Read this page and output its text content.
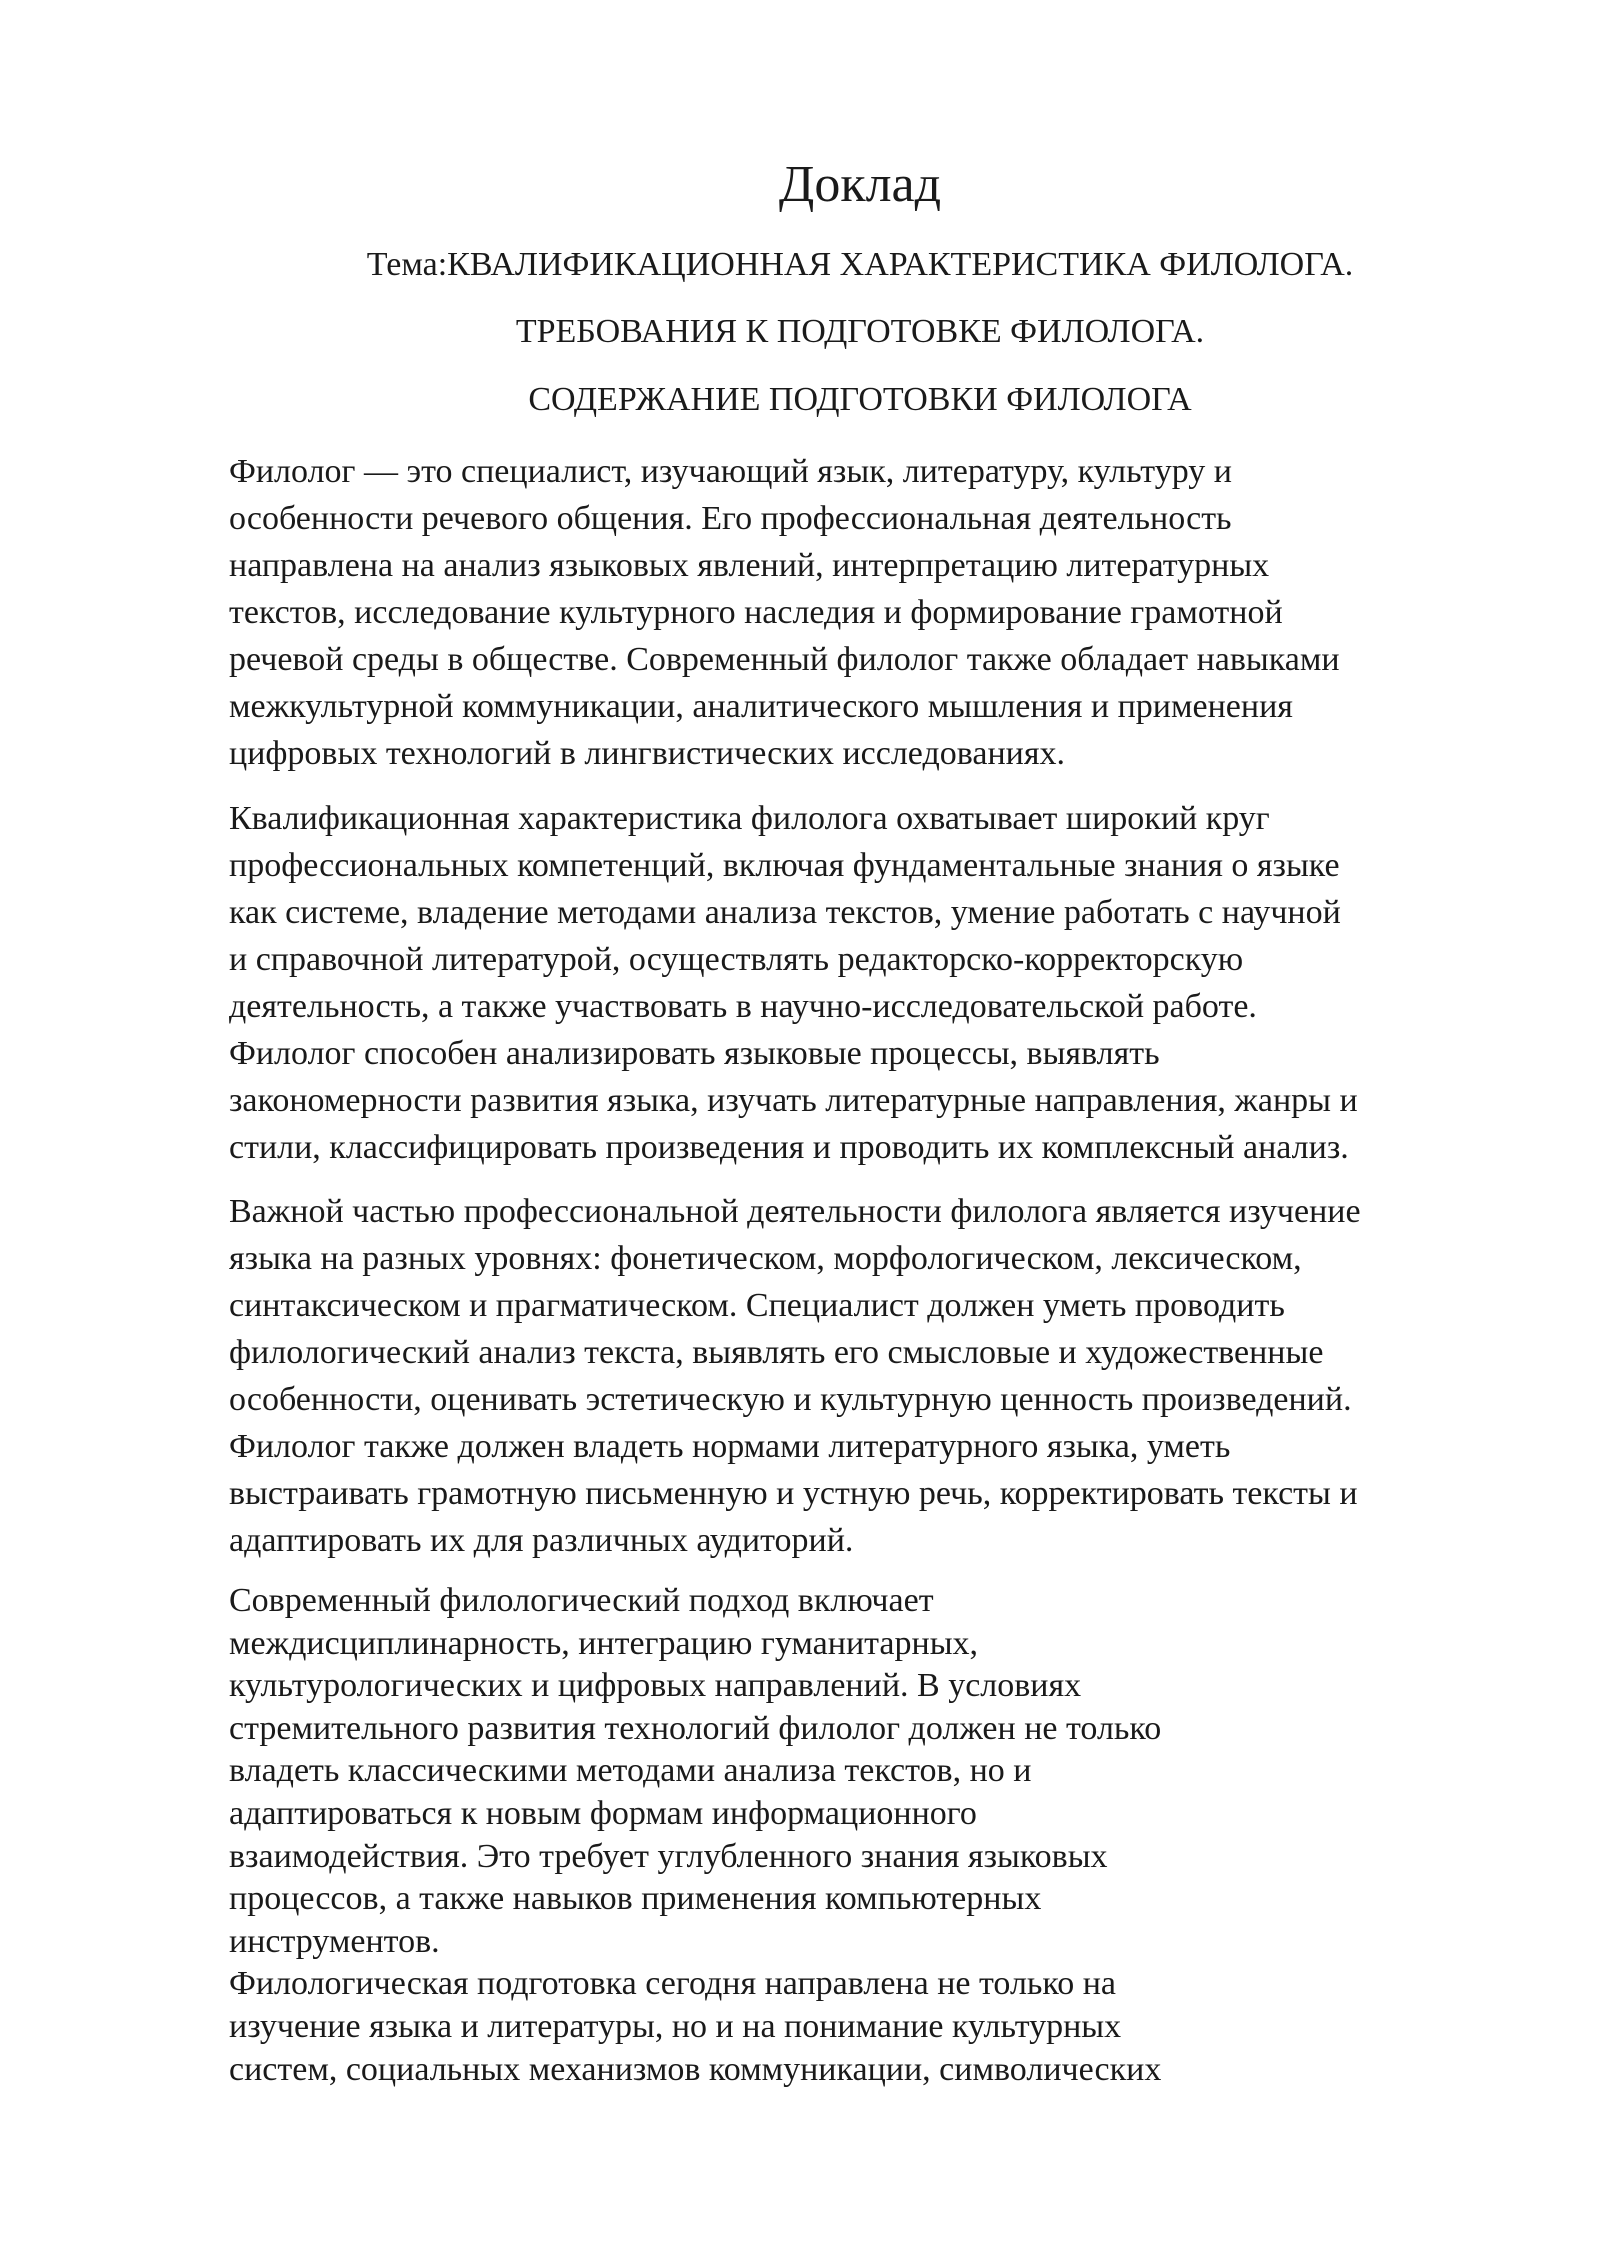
Доклад

Тема:КВАЛИФИКАЦИОННАЯ ХАРАКТЕРИСТИКА ФИЛОЛОГА.

ТРЕБОВАНИЯ К ПОДГОТОВКЕ ФИЛОЛОГА.

СОДЕРЖАНИЕ ПОДГОТОВКИ ФИЛОЛОГА

Филолог — это специалист, изучающий язык, литературу, культуру и
особенности речевого общения. Его профессиональная деятельность
направлена на анализ языковых явлений, интерпретацию литературных
текстов, исследование культурного наследия и формирование грамотной
речевой среды в обществе. Современный филолог также обладает навыками
межкультурной коммуникации, аналитического мышления и применения
цифровых технологий в лингвистических исследованиях.

Квалификационная характеристика филолога охватывает широкий круг
профессиональных компетенций, включая фундаментальные знания о языке
как системе, владение методами анализа текстов, умение работать с научной
и справочной литературой, осуществлять редакторско-корректорскую
деятельность, а также участвовать в научно-исследовательской работе.
Филолог способен анализировать языковые процессы, выявлять
закономерности развития языка, изучать литературные направления, жанры и
стили, классифицировать произведения и проводить их комплексный анализ.

Важной частью профессиональной деятельности филолога является изучение
языка на разных уровнях: фонетическом, морфологическом, лексическом,
синтаксическом и прагматическом. Специалист должен уметь проводить
филологический анализ текста, выявлять его смысловые и художественные
особенности, оценивать эстетическую и культурную ценность произведений.
Филолог также должен владеть нормами литературного языка, уметь
выстраивать грамотную письменную и устную речь, корректировать тексты и
адаптировать их для различных аудиторий.

Современный филологический подход включает
междисциплинарность, интеграцию гуманитарных,
культурологических и цифровых направлений. В условиях
стремительного развития технологий филолог должен не только
владеть классическими методами анализа текстов, но и
адаптироваться к новым формам информационного
взаимодействия. Это требует углубленного знания языковых
процессов, а также навыков применения компьютерных
инструментов.

Филологическая подготовка сегодня направлена не только на
изучение языка и литературы, но и на понимание культурных
систем, социальных механизмов коммуникации, символических
